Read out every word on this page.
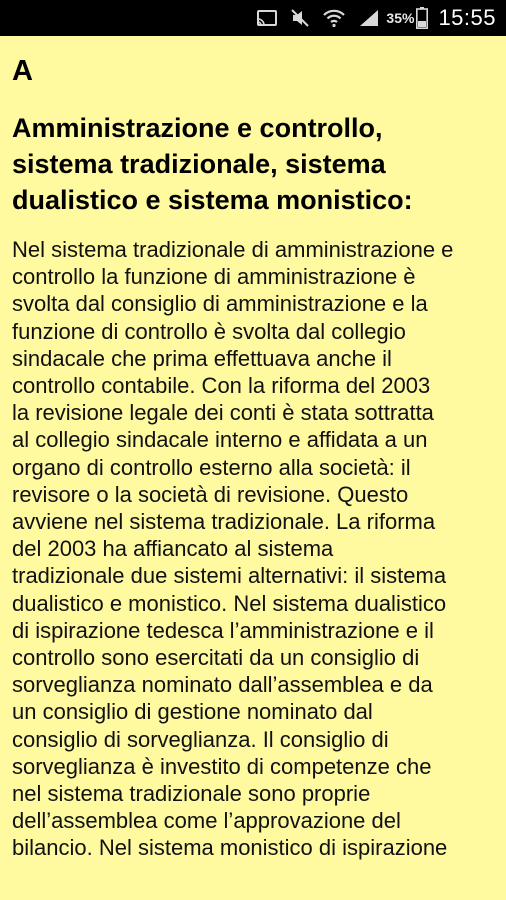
35% 15:55
A
Amministrazione e controllo,
sistema tradizionale, sistema
dualistico e sistema monistico:
Nel sistema tradizionale di amministrazione e
controllo la funzione di amministrazione è
svolta dal consiglio di amministrazione e la
funzione di controllo è svolta dal collegio
sindacale che prima effettuava anche il
controllo contabile. Con la riforma del 2003
la revisione legale dei conti è stata sottratta
al collegio sindacale interno e affidata a un
organo di controllo esterno alla società: il
revisore o la società di revisione. Questo
avviene nel sistema tradizionale. La riforma
del 2003 ha affiancato al sistema
tradizionale due sistemi alternativi: il sistema
dualistico e monistico. Nel sistema dualistico
di ispirazione tedesca l’amministrazione e il
controllo sono esercitati da un consiglio di
sorveglianza nominato dall’assemblea e da
un consiglio di gestione nominato dal
consiglio di sorveglianza. Il consiglio di
sorveglianza è investito di competenze che
nel sistema tradizionale sono proprie
dell’assemblea come l’approvazione del
bilancio. Nel sistema monistico di ispirazione
